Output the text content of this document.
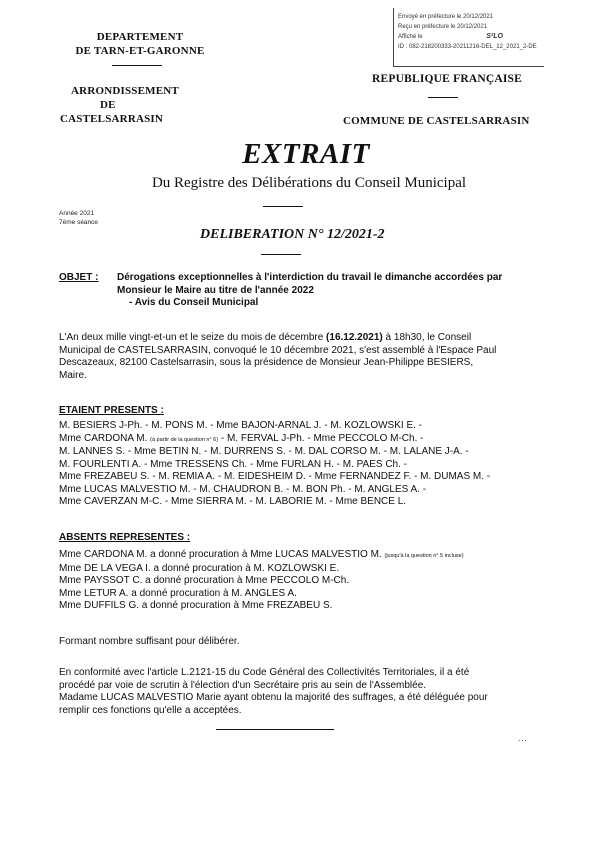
DEPARTEMENT
DE TARN-ET-GARONNE
ARRONDISSEMENT
DE
CASTELSARRASIN
Envoyé en préfecture le 20/12/2021
Reçu en préfecture le 20/12/2021
Affiché le	S²LO
ID : 082-218200333-20211216-DEL_12_2021_2-DE
REPUBLIQUE FRANÇAISE
COMMUNE DE CASTELSARRASIN
EXTRAIT
Du Registre des Délibérations du Conseil Municipal
Année 2021
7ème séance
DELIBERATION N° 12/2021-2
OBJET : Dérogations exceptionnelles à l'interdiction du travail le dimanche accordées par
Monsieur le Maire au titre de l'année 2022
- Avis du Conseil Municipal
L'An deux mille vingt-et-un et le seize du mois de décembre (16.12.2021) à 18h30, le Conseil
Municipal de CASTELSARRASIN, convoqué le 10 décembre 2021, s'est assemblé à l'Espace Paul
Descazeaux, 82100 Castelsarrasin, sous la présidence de Monsieur Jean-Philippe BESIERS,
Maire.
ETAIENT PRESENTS :
M. BESIERS J-Ph. - M. PONS M. - Mme BAJON-ARNAL J. - M. KOZLOWSKI E. -
Mme CARDONA M. (à partir de la question n° 6) - M. FERVAL J-Ph. - Mme PECCOLO M-Ch. -
M. LANNES S. - Mme BETIN N. - M. DURRENS S. - M. DAL CORSO M. - M. LALANE J-A. -
M. FOURLENTI A. - Mme TRESSENS Ch. - Mme FURLAN H. - M. PAES Ch. -
Mme FREZABEU S. - M. REMIA A. - M. EIDESHEIM D. - Mme FERNANDEZ F. - M. DUMAS M. -
Mme LUCAS MALVESTIO M. - M. CHAUDRON B. - M. BON Ph. - M. ANGLES A. -
Mme CAVERZAN M-C. - Mme SIERRA M. - M. LABORIE M. - Mme BENCE L.
ABSENTS REPRESENTES :
Mme CARDONA M. a donné procuration à Mme LUCAS MALVESTIO M. (jusqu'à la question n° 5 incluse)
Mme DE LA VEGA I. a donné procuration à M. KOZLOWSKI E.
Mme PAYSSOT C. a donné procuration à Mme PECCOLO M-Ch.
Mme LETUR A. a donné procuration à M. ANGLES A.
Mme DUFFILS G. a donné procuration à Mme FREZABEU S.
Formant nombre suffisant pour délibérer.
En conformité avec l'article L.2121-15 du Code Général des Collectivités Territoriales, il a été
procédé par voie de scrutin à l'élection d'un Secrétaire pris au sein de l'Assemblée.
Madame LUCAS MALVESTIO Marie ayant obtenu la majorité des suffrages, a été déléguée pour
remplir ces fonctions qu'elle a acceptées.
...
